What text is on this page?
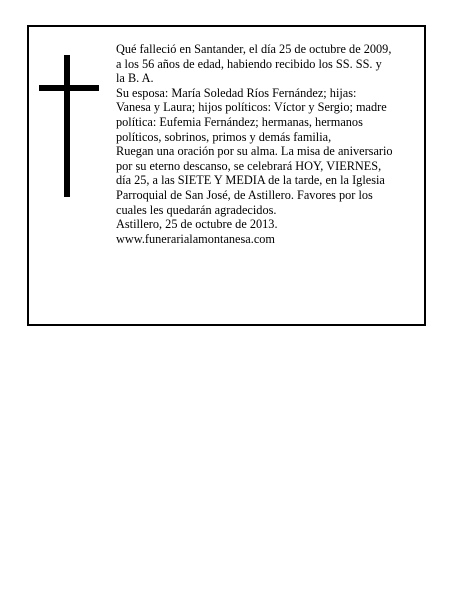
Qué falleció en Santander, el día 25 de octubre de 2009,
a los 56 años de edad, habiendo recibido los SS. SS. y
la B. A.
Su esposa: María Soledad Ríos Fernández; hijas:
Vanesa y Laura; hijos políticos: Víctor y Sergio; madre
política: Eufemia Fernández; hermanas, hermanos
políticos, sobrinos, primos y demás familia,
Ruegan una oración por su alma. La misa de aniversario
por su eterno descanso, se celebrará HOY, VIERNES,
día 25, a las SIETE Y MEDIA de la tarde, en la Iglesia
Parroquial de San José, de Astillero. Favores por los
cuales les quedarán agradecidos.
Astillero, 25 de octubre de 2013.
www.funerarialamontanesa.com
